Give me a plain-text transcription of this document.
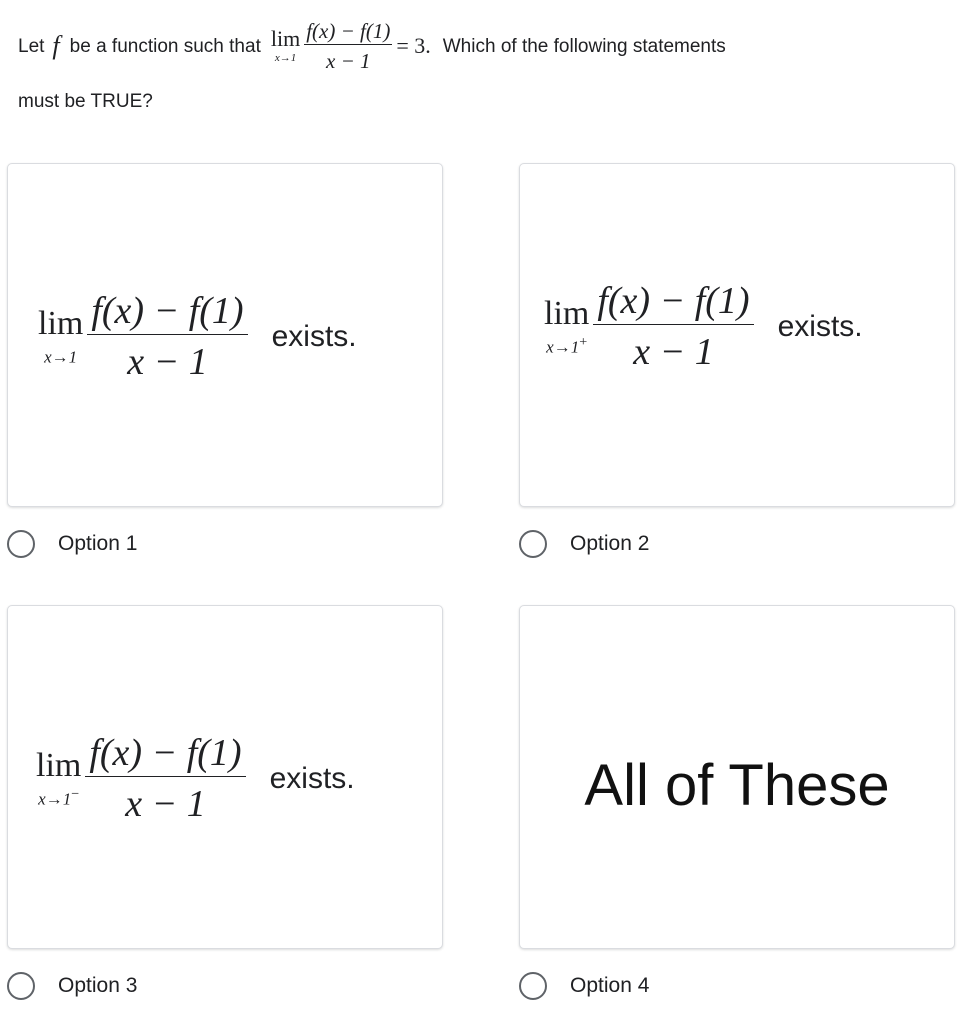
Let f be a function such that lim
$x\to 1 \frac{f(x) - f(1)}{x - 1} = 3$. Which of the following statements
must be TRUE?
lim
$x\to 1 \frac{f(x) - f(1)}{x - 1}$ exists.
lim
$x\to 1^+ \frac{f(x) - f(1)}{x - 1}$ exists.
Option 1	Option 2
lim
$x\to 1^- \frac{f(x) - f(1)}{x - 1}$ exists.	All of These
Option 3	Option 4
